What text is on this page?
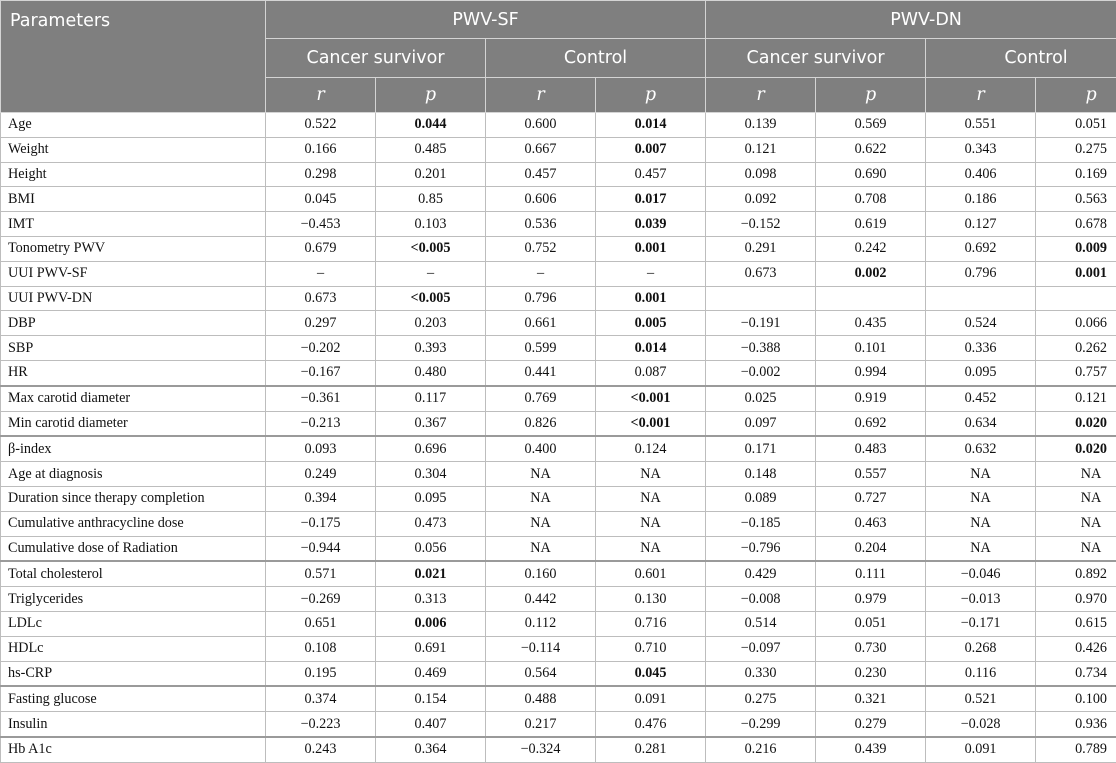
Parameters	PWV-SF				PWV-DN			
	Cancer survivor		Control		Cancer survivor		Control	
	r	p	r	p	r	p	r	p
Age	0.522	0.044	0.600	0.014	0.139	0.569	0.551	0.051
Weight	0.166	0.485	0.667	0.007	0.121	0.622	0.343	0.275
Height	0.298	0.201	0.457	0.457	0.098	0.690	0.406	0.169
BMI	0.045	0.85	0.606	0.017	0.092	0.708	0.186	0.563
IMT	−0.453	0.103	0.536	0.039	−0.152	0.619	0.127	0.678
Tonometry PWV	0.679	<0.005	0.752	0.001	0.291	0.242	0.692	0.009
UUI PWV-SF	–	–	–	–	0.673	0.002	0.796	0.001
UUI PWV-DN	0.673	<0.005	0.796	0.001				
DBP	0.297	0.203	0.661	0.005	−0.191	0.435	0.524	0.066
SBP	−0.202	0.393	0.599	0.014	−0.388	0.101	0.336	0.262
HR	−0.167	0.480	0.441	0.087	−0.002	0.994	0.095	0.757
Max carotid diameter	−0.361	0.117	0.769	<0.001	0.025	0.919	0.452	0.121
Min carotid diameter	−0.213	0.367	0.826	<0.001	0.097	0.692	0.634	0.020
β-index	0.093	0.696	0.400	0.124	0.171	0.483	0.632	0.020
Age at diagnosis	0.249	0.304	NA	NA	0.148	0.557	NA	NA
Duration since therapy completion	0.394	0.095	NA	NA	0.089	0.727	NA	NA
Cumulative anthracycline dose	−0.175	0.473	NA	NA	−0.185	0.463	NA	NA
Cumulative dose of Radiation	−0.944	0.056	NA	NA	−0.796	0.204	NA	NA
Total cholesterol	0.571	0.021	0.160	0.601	0.429	0.111	−0.046	0.892
Triglycerides	−0.269	0.313	0.442	0.130	−0.008	0.979	−0.013	0.970
LDLc	0.651	0.006	0.112	0.716	0.514	0.051	−0.171	0.615
HDLc	0.108	0.691	−0.114	0.710	−0.097	0.730	0.268	0.426
hs-CRP	0.195	0.469	0.564	0.045	0.330	0.230	0.116	0.734
Fasting glucose	0.374	0.154	0.488	0.091	0.275	0.321	0.521	0.100
Insulin	−0.223	0.407	0.217	0.476	−0.299	0.279	−0.028	0.936
Hb A1c	0.243	0.364	−0.324	0.281	0.216	0.439	0.091	0.789
